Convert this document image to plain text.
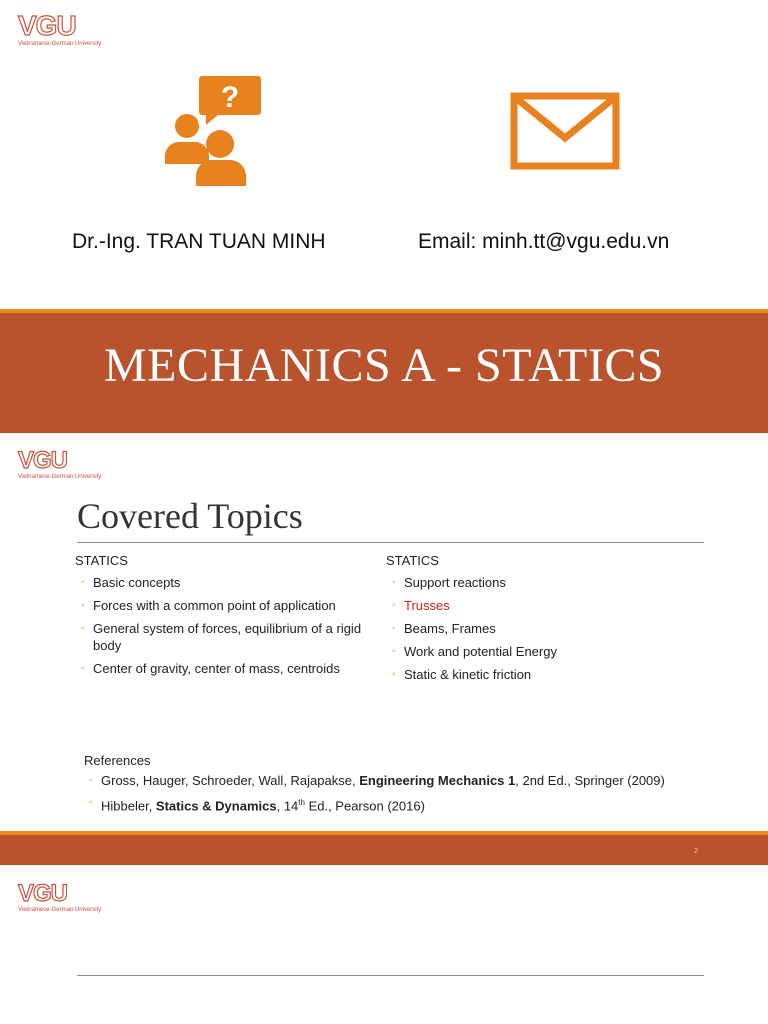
VGU
Vietnamese-German University
?
Dr.-Ing. TRAN TUAN MINH	Email: minh.tt@vgu.edu.vn
MECHANICS A - STATICS
VGU
Vietnamese-German University
Covered Topics
STATICS
◦ Basic concepts
◦ Forces with a common point of application
◦ General system of forces, equilibrium of a rigid body
◦ Center of gravity, center of mass, centroids
STATICS
◦ Support reactions
◦ Trusses
◦ Beams, Frames
◦ Work and potential Energy
◦ Static & kinetic friction
References
◦ Gross, Hauger, Schroeder, Wall, Rajapakse, Engineering Mechanics 1, 2nd Ed., Springer (2009)
◦ Hibbeler, Statics & Dynamics, 14th Ed., Pearson (2016)
2
VGU
Vietnamese-German University
